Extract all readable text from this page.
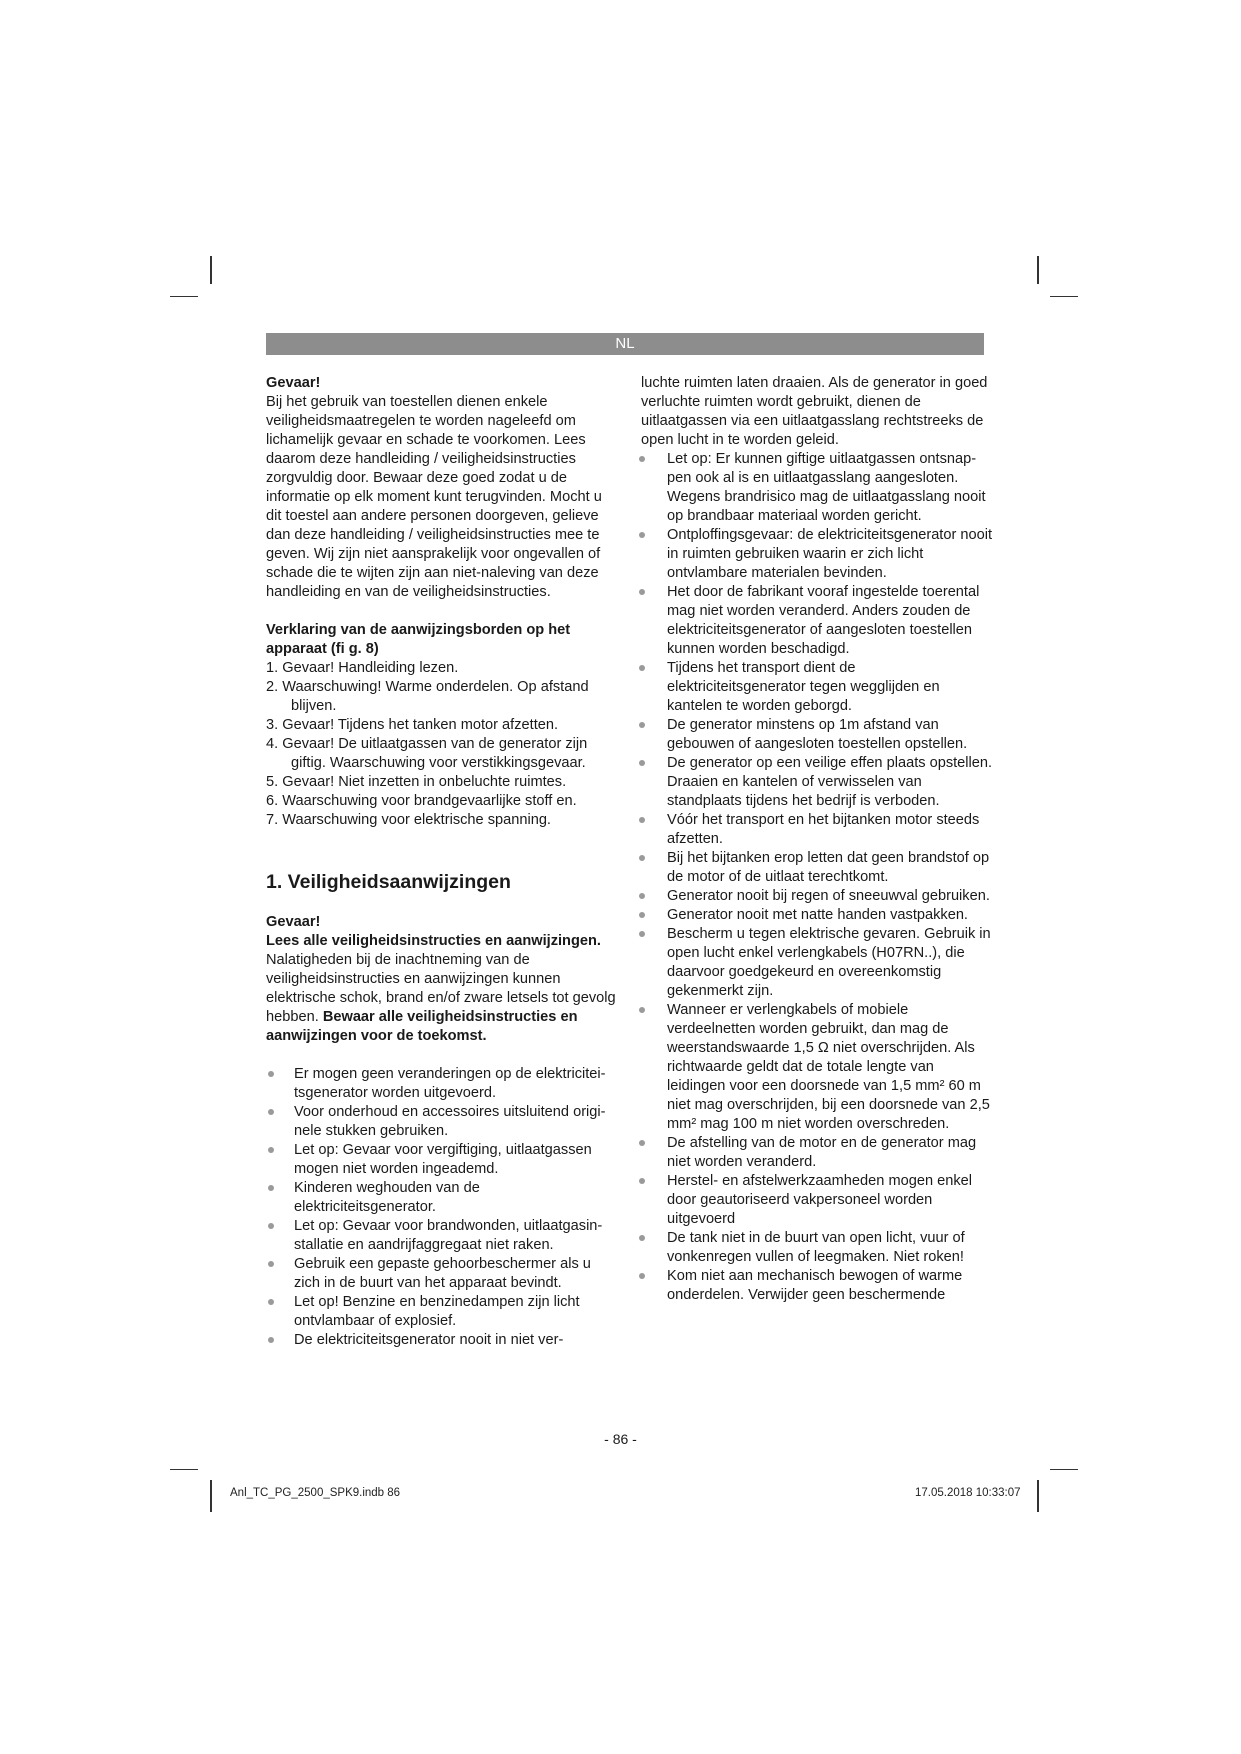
NL

Gevaar!

Bij het gebruik van toestellen dienen enkele veiligheidsmaatregelen te worden nageleefd om lichamelijk gevaar en schade te voorkomen. Lees daarom deze handleiding / veiligheidsinstructies zorgvuldig door. Bewaar deze goed zodat u de informatie op elk moment kunt terugvinden. Mocht u dit toestel aan andere personen doorgeven, gelieve dan deze handleiding / veiligheidsinstructies mee te geven. Wij zijn niet aansprakelijk voor ongevallen of schade die te wijten zijn aan niet-naleving van deze handleiding en van de veiligheidsinstructies.

Verklaring van de aanwijzingsborden op het apparaat (fi g. 8)

1. Gevaar! Handleiding lezen.
2. Waarschuwing! Warme onderdelen. Op afstand blijven.
3. Gevaar! Tijdens het tanken motor afzetten.
4. Gevaar! De uitlaatgassen van de generator zijn giftig. Waarschuwing voor verstikkingsgevaar.
5. Gevaar! Niet inzetten in onbeluchte ruimtes.
6. Waarschuwing voor brandgevaarlijke stoff en.
7. Waarschuwing voor elektrische spanning.
1. Veiligheidsaanwijzingen

Gevaar!

Lees alle veiligheidsinstructies en aanwijzingen. Nalatigheden bij de inachtneming van de veiligheidsinstructies en aanwijzingen kunnen elektrische schok, brand en/of zware letsels tot gevolg hebben. Bewaar alle veiligheidsinstructies en aanwijzingen voor de toekomst.

Er mogen geen veranderingen op de elektricitei-tsgenerator worden uitgevoerd.
Voor onderhoud en accessoires uitsluitend origi-nele stukken gebruiken.
Let op: Gevaar voor vergiftiging, uitlaatgassen mogen niet worden ingeademd.
Kinderen weghouden van de elektriciteitsgenerator.
Let op: Gevaar voor brandwonden, uitlaatgasin-stallatie en aandrijfaggregaat niet raken.
Gebruik een gepaste gehoorbeschermer als u zich in de buurt van het apparaat bevindt.
Let op! Benzine en benzinedampen zijn licht ontvlambaar of explosief.
De elektriciteitsgenerator nooit in niet ver-

luchte ruimten laten draaien. Als de generator in goed verluchte ruimten wordt gebruikt, dienen de uitlaatgassen via een uitlaatgasslang rechtstreeks de open lucht in te worden geleid.

Let op: Er kunnen giftige uitlaatgassen ontsnap-pen ook al is en uitlaatgasslang aangesloten. Wegens brandrisico mag de uitlaatgasslang nooit op brandbaar materiaal worden gericht.
Ontploffingsgevaar: de elektriciteitsgenerator nooit in ruimten gebruiken waarin er zich licht ontvlambare materialen bevinden.
Het door de fabrikant vooraf ingestelde toerental mag niet worden veranderd. Anders zouden de elektriciteitsgenerator of aangesloten toestellen kunnen worden beschadigd.
Tijdens het transport dient de elektriciteitsgenerator tegen wegglijden en kantelen te worden geborgd.
De generator minstens op 1m afstand van gebouwen of aangesloten toestellen opstellen.
De generator op een veilige effen plaats opstellen. Draaien en kantelen of verwisselen van standplaats tijdens het bedrijf is verboden.
Vóór het transport en het bijtanken motor steeds afzetten.
Bij het bijtanken erop letten dat geen brandstof op de motor of de uitlaat terechtkomt.
Generator nooit bij regen of sneeuwval gebruiken.
Generator nooit met natte handen vastpakken.
Bescherm u tegen elektrische gevaren. Gebruik in open lucht enkel verlengkabels (H07RN..), die daarvoor goedgekeurd en overeenkomstig gekenmerkt zijn.
Wanneer er verlengkabels of mobiele verdeelnetten worden gebruikt, dan mag de weerstandswaarde 1,5 Ω niet overschrijden. Als richtwaarde geldt dat de totale lengte van leidingen voor een doorsnede van 1,5 mm² 60 m niet mag overschrijden, bij een doorsnede van 2,5 mm² mag 100 m niet worden overschreden.
De afstelling van de motor en de generator mag niet worden veranderd.
Herstel- en afstelwerkzaamheden mogen enkel door geautoriseerd vakpersoneel worden uitgevoerd
De tank niet in de buurt van open licht, vuur of vonkenregen vullen of leegmaken. Niet roken!
Kom niet aan mechanisch bewogen of warme onderdelen. Verwijder geen beschermende
- 86 -
Anl_TC_PG_2500_SPK9.indb 86	17.05.2018 10:33:07
